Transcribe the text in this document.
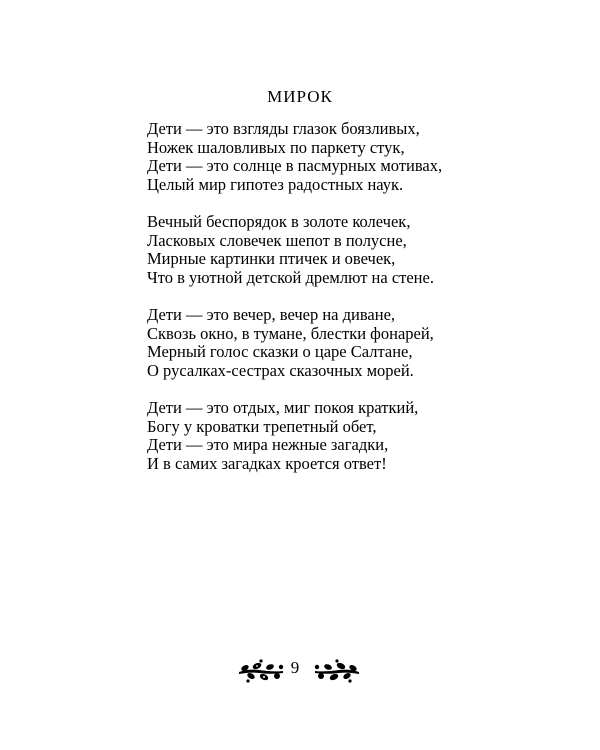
МИРОК
Дети — это взгляды глазок боязливых,
Ножек шаловливых по паркету стук,
Дети — это солнце в пасмурных мотивах,
Целый мир гипотез радостных наук.
Вечный беспорядок в золоте колечек,
Ласковых словечек шепот в полусне,
Мирные картинки птичек и овечек,
Что в уютной детской дремлют на стене.
Дети — это вечер, вечер на диване,
Сквозь окно, в тумане, блестки фонарей,
Мерный голос сказки о царе Салтане,
О русалках-сестрах сказочных морей.
Дети — это отдых, миг покоя краткий,
Богу у кроватки трепетный обет,
Дети — это мира нежные загадки,
И в самих загадках кроется ответ!
9
